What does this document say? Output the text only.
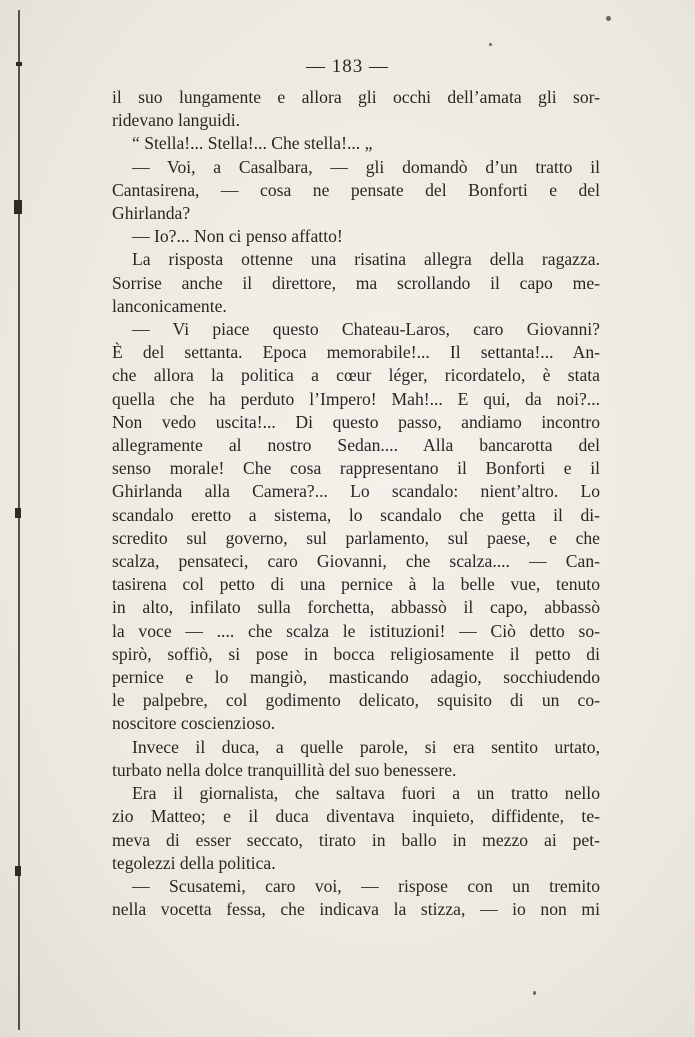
— 183 —
il suo lungamente e allora gli occhi dell’amata gli sor-
ridevano languidi.
“ Stella!... Stella!... Che stella!... „
— Voi, a Casalbara, — gli domandò d’un tratto il
Cantasirena, — cosa ne pensate del Bonforti e del
Ghirlanda?
— Io?... Non ci penso affatto!
La risposta ottenne una risatina allegra della ragazza.
Sorrise anche il direttore, ma scrollando il capo me-
lanconicamente.
— Vi piace questo Chateau-Laros, caro Giovanni?
È del settanta. Epoca memorabile!... Il settanta!... An-
che allora la politica a cœur léger, ricordatelo, è stata
quella che ha perduto l’Impero! Mah!... E qui, da noi?...
Non vedo uscita!... Di questo passo, andiamo incontro
allegramente al nostro Sedan.... Alla bancarotta del
senso morale! Che cosa rappresentano il Bonforti e il
Ghirlanda alla Camera?... Lo scandalo: nient’altro. Lo
scandalo eretto a sistema, lo scandalo che getta il di-
scredito sul governo, sul parlamento, sul paese, e che
scalza, pensateci, caro Giovanni, che scalza.... — Can-
tasirena col petto di una pernice à la belle vue, tenuto
in alto, infilato sulla forchetta, abbassò il capo, abbassò
la voce — .... che scalza le istituzioni! — Ciò detto so-
spirò, soffiò, si pose in bocca religiosamente il petto di
pernice e lo mangiò, masticando adagio, socchiudendo
le palpebre, col godimento delicato, squisito di un co-
noscitore coscienzioso.
Invece il duca, a quelle parole, si era sentito urtato,
turbato nella dolce tranquillità del suo benessere.
Era il giornalista, che saltava fuori a un tratto nello
zio Matteo; e il duca diventava inquieto, diffidente, te-
meva di esser seccato, tirato in ballo in mezzo ai pet-
tegolezzi della politica.
— Scusatemi, caro voi, — rispose con un tremito
nella vocetta fessa, che indicava la stizza, — io non mi
